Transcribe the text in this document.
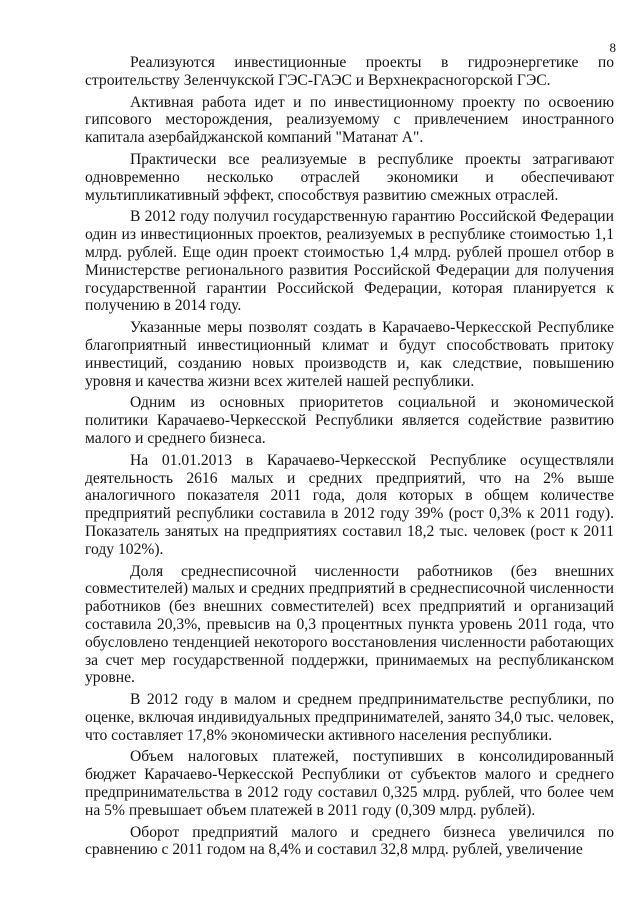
8

Реализуются инвестиционные проекты в гидроэнергетике по строительству Зеленчукской ГЭС-ГАЭС и Верхнекрасногорской ГЭС.

Активная работа идет и по инвестиционному проекту по освоению гипсового месторождения, реализуемому с привлечением иностранного капитала азербайджанской компаний "Матанат А".

Практически все реализуемые в республике проекты затрагивают одновременно несколько отраслей экономики и обеспечивают мультипликативный эффект, способствуя развитию смежных отраслей.

В 2012 году получил государственную гарантию Российской Федерации один из инвестиционных проектов, реализуемых в республике стоимостью 1,1 млрд. рублей. Еще один проект стоимостью 1,4 млрд. рублей прошел отбор в Министерстве регионального развития Российской Федерации для получения государственной гарантии Российской Федерации, которая планируется к получению в 2014 году.

Указанные меры позволят создать в Карачаево-Черкесской Республике благоприятный инвестиционный климат и будут способствовать притоку инвестиций, созданию новых производств и, как следствие, повышению уровня и качества жизни всех жителей нашей республики.

Одним из основных приоритетов социальной и экономической политики Карачаево-Черкесской Республики является содействие развитию малого и среднего бизнеса.

На 01.01.2013 в Карачаево-Черкесской Республике осуществляли деятельность 2616 малых и средних предприятий, что на 2% выше аналогичного показателя 2011 года, доля которых в общем количестве предприятий республики составила в 2012 году 39% (рост 0,3% к 2011 году). Показатель занятых на предприятиях составил 18,2 тыс. человек (рост к 2011 году 102%).

Доля среднесписочной численности работников (без внешних совместителей) малых и средних предприятий в среднесписочной численности работников (без внешних совместителей) всех предприятий и организаций составила 20,3%, превысив на 0,3 процентных пункта уровень 2011 года, что обусловлено тенденцией некоторого восстановления численности работающих за счет мер государственной поддержки, принимаемых на республиканском уровне.

В 2012 году в малом и среднем предпринимательстве республики, по оценке, включая индивидуальных предпринимателей, занято 34,0 тыс. человек, что составляет 17,8% экономически активного населения республики.

Объем налоговых платежей, поступивших в консолидированный бюджет Карачаево-Черкесской Республики от субъектов малого и среднего предпринимательства в 2012 году составил 0,325 млрд. рублей, что более чем на 5% превышает объем платежей в 2011 году (0,309 млрд. рублей).

Оборот предприятий малого и среднего бизнеса увеличился по сравнению с 2011 годом на 8,4% и составил 32,8 млрд. рублей, увеличение
